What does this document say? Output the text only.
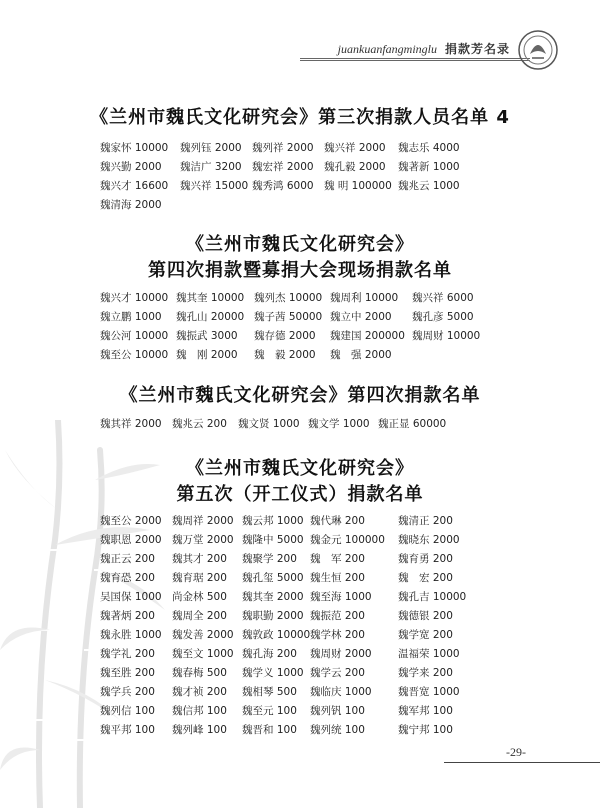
juankuanfangminglu 捐款芳名录
《兰州市魏氏文化研究会》第三次捐款人员名单 4
魏家怀 10000 魏列钰 2000 魏列祥 2000 魏兴祥 2000 魏志乐 4000
魏兴勤 2000 魏洁广 3200 魏宏祥 2000 魏孔毅 2000 魏著新 1000
魏兴才 16600 魏兴祥 15000 魏秀鸿 6000 魏 明 100000 魏兆云 1000
魏清海 2000
《兰州市魏氏文化研究会》
第四次捐款暨募捐大会现场捐款名单
魏兴才 10000 魏其奎 10000 魏列杰 10000 魏周利 10000 魏兴祥 6000
魏立鹏 1000 魏孔山 20000 魏子茜 50000 魏立中 2000 魏孔彦 5000
魏公河 10000 魏振武 3000 魏存德 2000 魏建国 200000 魏周财 10000
魏至公 10000 魏　刚 2000 魏　毅 2000 魏　强 2000
《兰州市魏氏文化研究会》第四次捐款名单
魏其祥 2000 魏兆云 200 魏文贤 1000 魏文学 1000 魏正显 60000
《兰州市魏氏文化研究会》
第五次（开工仪式）捐款名单
魏至公 2000 魏周祥 2000 魏云邦 1000 魏代琳 200	魏清正 200
魏职恩 2000 魏万堂 2000 魏隆中 5000 魏金元 100000 魏晓东 2000
魏正云 200 魏其才 200 魏聚学 200 魏　军 200	魏育勇 200
魏育恐 200 魏育琚 200 魏孔玺 5000 魏生恒 200	魏　宏 200
吴国保 1000 尚金林 500 魏其奎 2000 魏至海 1000	魏孔吉 10000
魏著炳 200 魏周全 200 魏职勤 2000 魏振范 200	魏德银 200
魏永胜 1000 魏发善 2000 魏敦政 10000魏学林 200	魏学宽 200
魏学礼 200 魏至文 1000 魏孔海 200 魏周财 2000	温福荣 1000
魏至胜 200 魏春梅 500 魏学义 1000 魏学云 200	魏学来 200
魏学兵 200 魏才祯 200 魏相琴 500 魏临庆 1000	魏晋宽 1000
魏列信 100 魏信邦 100 魏至元 100 魏列钒 100	魏军邦 100
魏平邦 100 魏列峰 100 魏晋和 100 魏列统 100	魏宁邦 100
-29-
